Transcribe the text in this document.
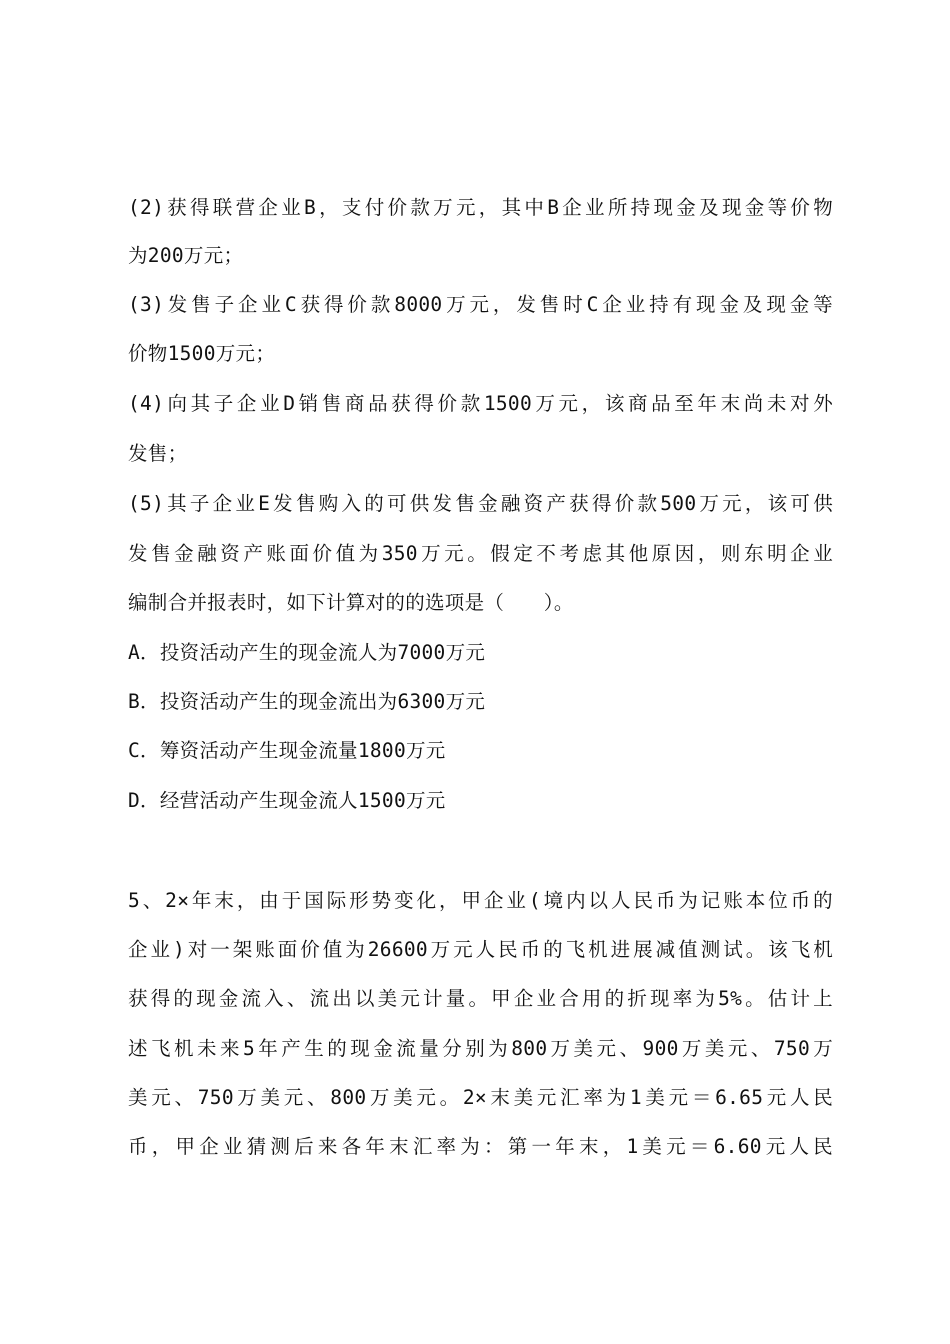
(2)获得联营企业B，支付价款万元，其中B企业所持现金及现金等价物
为200万元；
(3)发售子企业C获得价款8000万元，发售时C企业持有现金及现金等
价物1500万元；
(4)向其子企业D销售商品获得价款1500万元，该商品至年末尚未对外
发售；
(5)其子企业E发售购入的可供发售金融资产获得价款500万元，该可供
发售金融资产账面价值为350万元。假定不考虑其他原因，则东明企业
编制合并报表时，如下计算对的的选项是（　　）。
A．投资活动产生的现金流人为7000万元
B．投资活动产生的现金流出为6300万元
C．筹资活动产生现金流量1800万元
D．经营活动产生现金流人1500万元
5、2×年末，由于国际形势变化，甲企业(境内以人民币为记账本位币的
企业)对一架账面价值为26600万元人民币的飞机进展减值测试。该飞机
获得的现金流入、流出以美元计量。甲企业合用的折现率为5%。估计上
述飞机未来5年产生的现金流量分别为800万美元、900万美元、750万
美元、750万美元、800万美元。2×末美元汇率为1美元＝6.65元人民
币，甲企业猜测后来各年末汇率为：第一年末，1美元＝6.60元人民
